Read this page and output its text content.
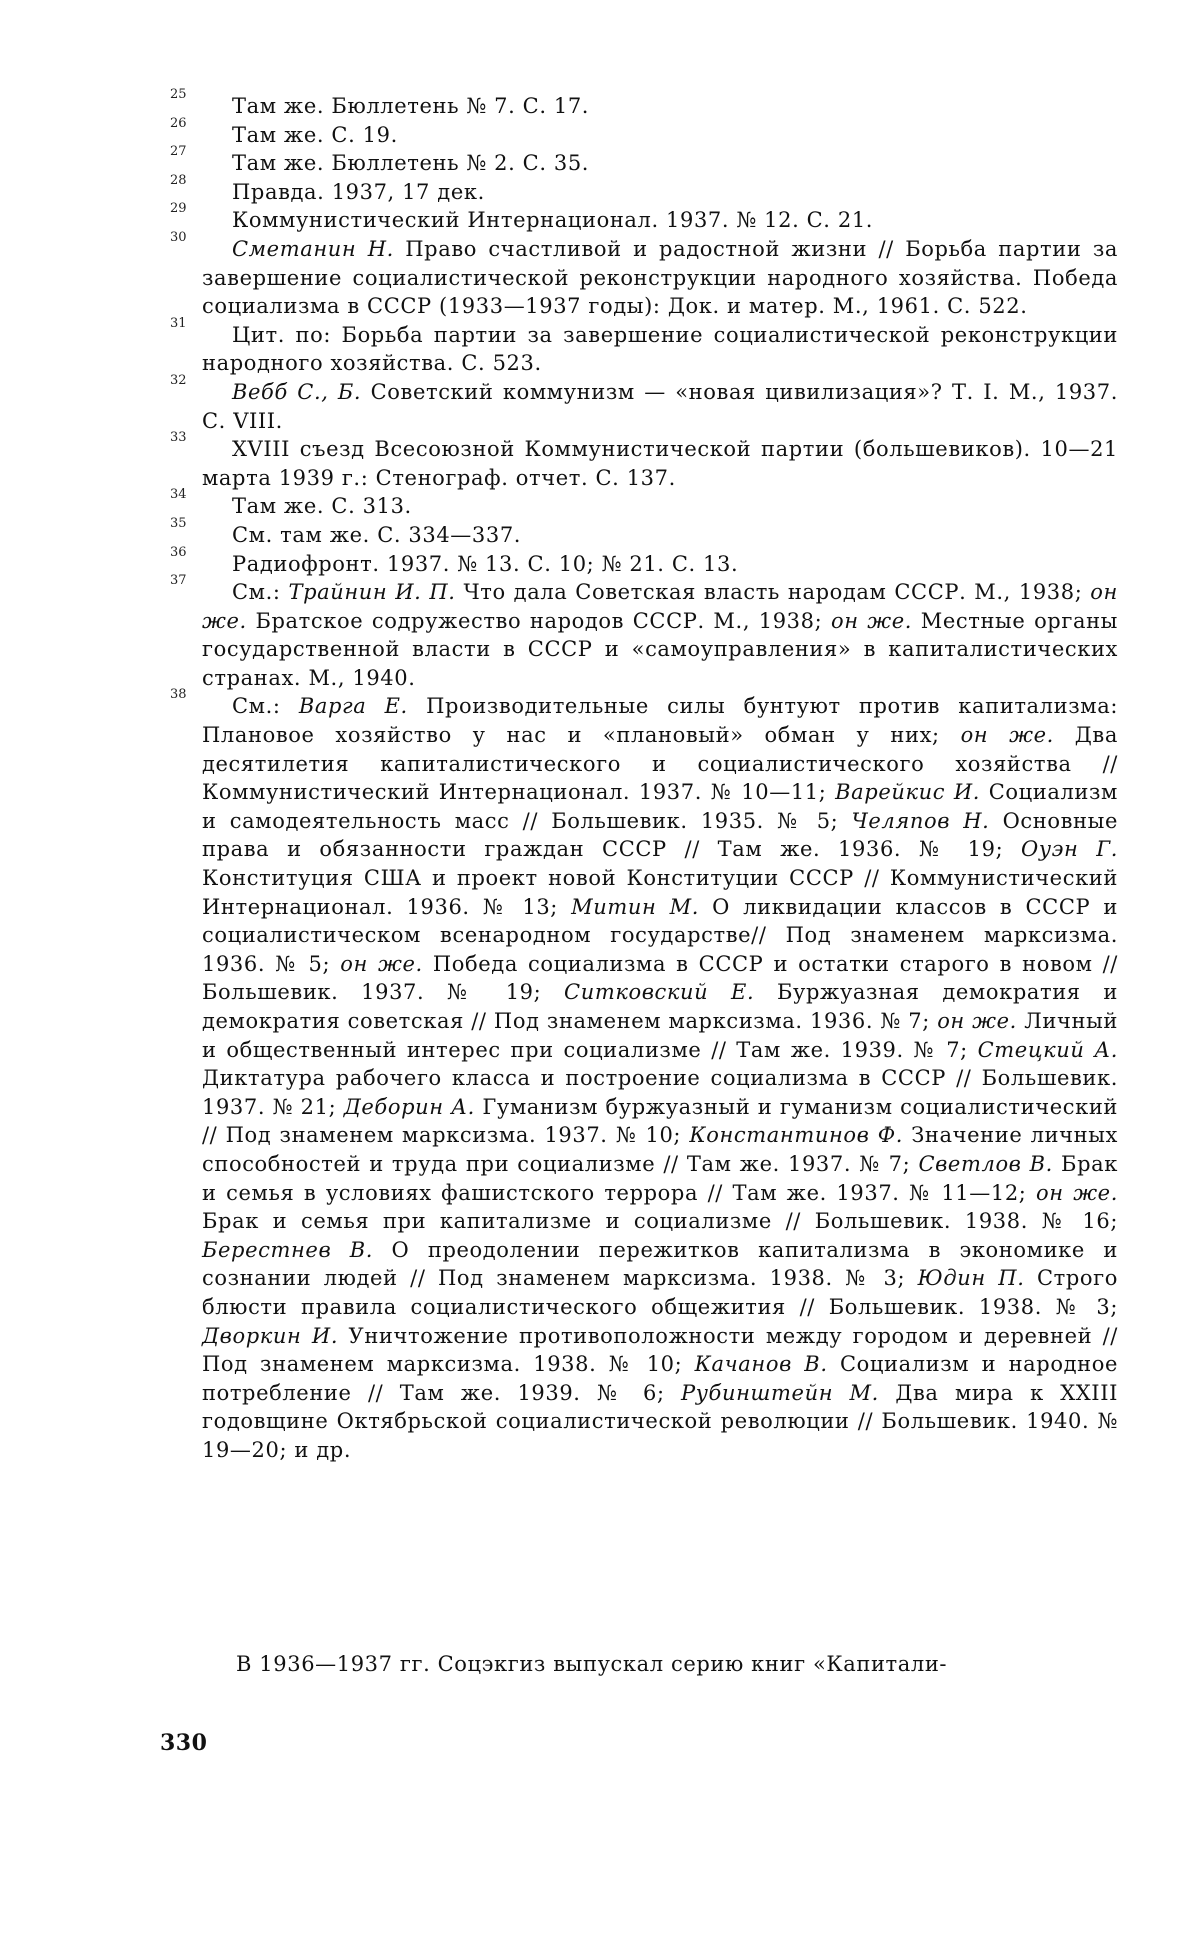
25 Там же. Бюллетень № 7. С. 17.

26 Там же. С. 19.

27 Там же. Бюллетень № 2. С. 35.

28 Правда. 1937, 17 дек.

29 Коммунистический Интернационал. 1937. № 12. С. 21.

30 Сметанин Н. Право счастливой и радостной жизни // Борьба партии за завершение социалистической реконструкции народного хозяйства. Победа социализма в СССР (1933—1937 годы): Док. и матер. М., 1961. С. 522.

31 Цит. по: Борьба партии за завершение социалистической реконструкции народного хозяйства. С. 523.

32 Вебб С., Б. Советский коммунизм — «новая цивилизация»? Т. I. М., 1937. С. VIII.

33 XVIII съезд Всесоюзной Коммунистической партии (большевиков). 10—21 марта 1939 г.: Стенограф. отчет. С. 137.

34 Там же. С. 313.

35 См. там же. С. 334—337.

36 Радиофронт. 1937. № 13. С. 10; № 21. С. 13.

37 См.: Трайнин И. П. Что дала Советская власть народам СССР. М., 1938; он же. Братское содружество народов СССР. М., 1938; он же. Местные органы государственной власти в СССР и «самоуправления» в капиталистических странах. М., 1940.

38 См.: Варга Е. Производительные силы бунтуют против капитализма: Плановое хозяйство у нас и «плановый» обман у них; он же. Два десятилетия капиталистического и социалистического хозяйства // Коммунистический Интернационал. 1937. № 10—11; Варейкис И. Социализм и самодеятельность масс // Большевик. 1935. № 5; Челяпов Н. Основные права и обязанности граждан СССР // Там же. 1936. № 19; Оуэн Г. Конституция США и проект новой Конституции СССР // Коммунистический Интернационал. 1936. № 13; Митин М. О ликвидации классов в СССР и социалистическом всенародном государстве// Под знаменем марксизма. 1936. № 5; он же. Победа социализма в СССР и остатки старого в новом // Большевик. 1937. № 19; Ситковский Е. Буржуазная демократия и демократия советская // Под знаменем марксизма. 1936. № 7; он же. Личный и общественный интерес при социализме // Там же. 1939. № 7; Стецкий А. Диктатура рабочего класса и построение социализма в СССР // Большевик. 1937. № 21; Деборин А. Гуманизм буржуазный и гуманизм социалистический // Под знаменем марксизма. 1937. № 10; Константинов Ф. Значение личных способностей и труда при социализме // Там же. 1937. № 7; Светлов В. Брак и семья в условиях фашистского террора // Там же. 1937. № 11—12; он же. Брак и семья при капитализме и социализме // Большевик. 1938. № 16; Берестнев В. О преодолении пережитков капитализма в экономике и сознании людей // Под знаменем марксизма. 1938. № 3; Юдин П. Строго блюсти правила социалистического общежития // Большевик. 1938. № 3; Дворкин И. Уничтожение противоположности между городом и деревней // Под знаменем марксизма. 1938. № 10; Качанов В. Социализм и народное потребление // Там же. 1939. № 6; Рубинштейн М. Два мира к XXIII годовщине Октябрьской социалистической революции // Большевик. 1940. № 19—20; и др.

В 1936—1937 гг. Соцэкгиз выпускал серию книг «Капитали-

330
